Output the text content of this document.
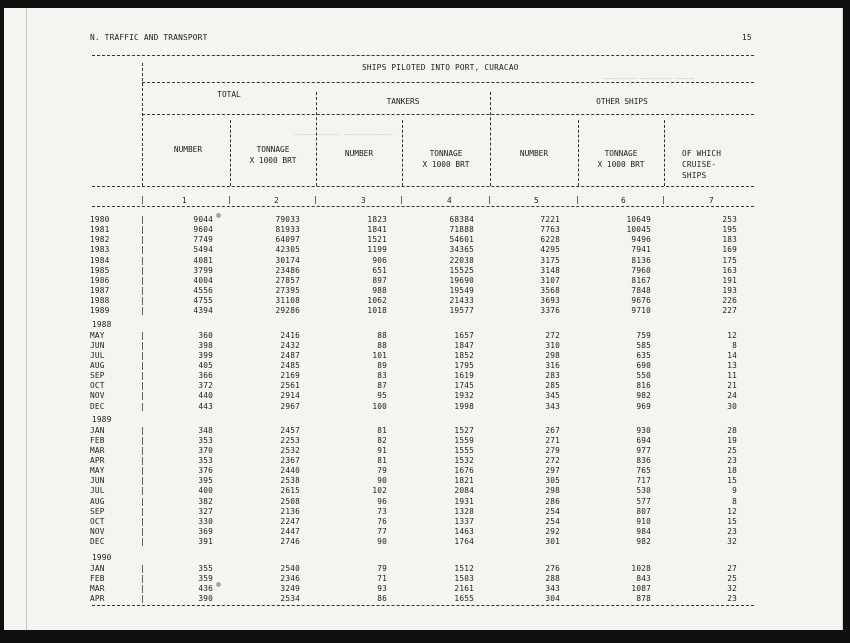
~~~ ~~~~~~~ ~~ ~~~~~~~ ~~ ~~~~~~~~~~~~~~
~~~~~~~ ~~~~~~~ ~~~~
~~~~~~~~~~ ~~~~~~~~~~~
N. TRAFFIC AND TRANSPORT	15
SHIPS PILOTED INTO PORT, CURACAO
TOTAL
TANKERS	OTHER SHIPS
NUMBER	TONNAGE
X 1000 BRT
NUMBER	TONNAGE
X 1000 BRT
NUMBER	TONNAGE
X 1000 BRT
OF WHICH
CRUISE-
SHIPS
1	2	3	4	5	6	7
|	|	|	|	|	|
|
1980	|	9044	79033	1823	68384	7221	10649	253
1981	|	9604	81933	1841	71888	7763	10045	195
1982	|	7749	64097	1521	54601	6228	9496	183
1983	|	5494	42305	1199	34365	4295	7941	169
1984	|	4081	30174	906	22038	3175	8136	175
1985	|	3799	23486	651	15525	3148	7960	163
1986	|	4004	27857	897	19690	3107	8167	191
1987	|	4556	27395	988	19549	3568	7848	193
1988	|	4755	31108	1062	21433	3693	9676	226
1989	|	4394	29286	1018	19577	3376	9710	227
1988
MAY	|	360	2416	88	1657	272	759	12
JUN	|	398	2432	88	1847	310	585	8
JUL	|	399	2487	101	1852	298	635	14
AUG	|	405	2485	89	1795	316	690	13
SEP	|	366	2169	83	1619	283	550	11
OCT	|	372	2561	87	1745	285	816	21
NOV	|	440	2914	95	1932	345	982	24
DEC	|	443	2967	100	1998	343	969	30
1989
JAN	|	348	2457	81	1527	267	930	28
FEB	|	353	2253	82	1559	271	694	19
MAR	|	370	2532	91	1555	279	977	25
APR	|	353	2367	81	1532	272	836	23
MAY	|	376	2440	79	1676	297	765	18
JUN	|	395	2538	90	1821	305	717	15
JUL	|	400	2615	102	2084	298	530	9
AUG	|	382	2508	96	1931	286	577	8
SEP	|	327	2136	73	1328	254	807	12
OCT	|	330	2247	76	1337	254	910	15
NOV	|	369	2447	77	1463	292	984	23
DEC	|	391	2746	90	1764	301	982	32
1990
JAN	|	355	2540	79	1512	276	1028	27
FEB	|	359	2346	71	1503	288	843	25
MAR	|	436	3249	93	2161	343	1087	32
APR	|	390	2534	86	1655	304	878	23
